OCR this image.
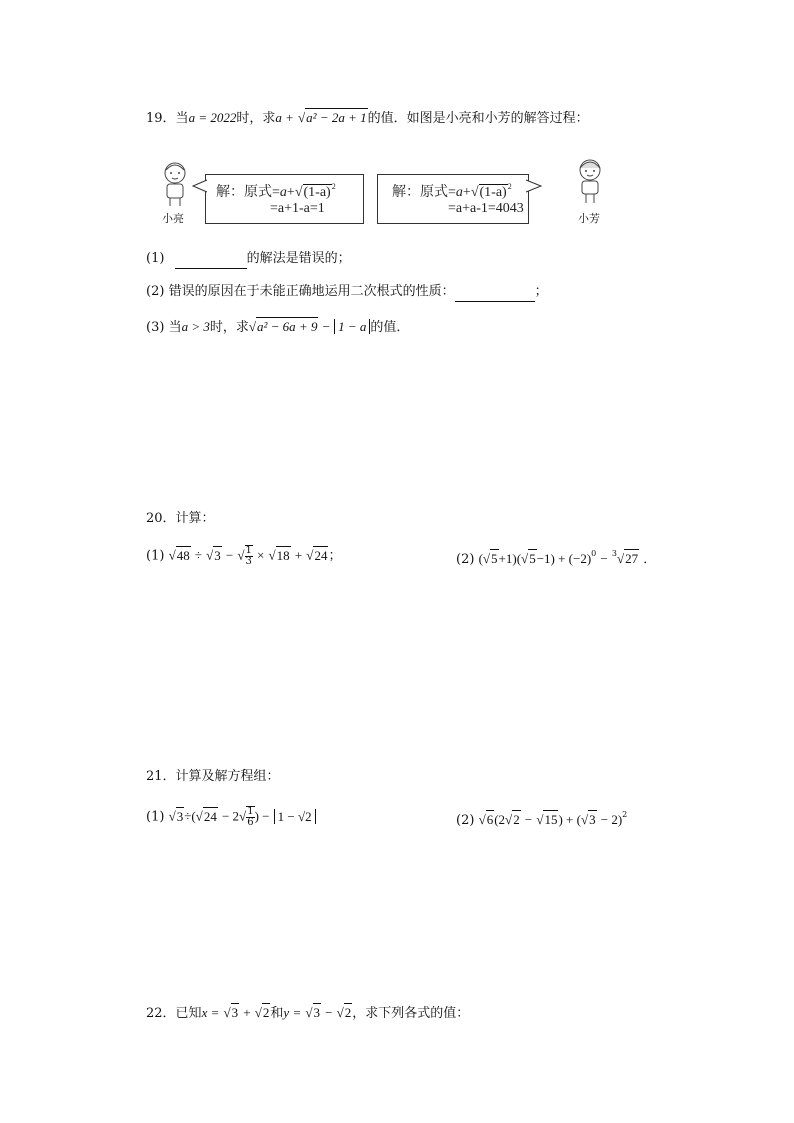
19．当a = 2022时，求a + √a² − 2a + 1的值．如图是小亮和小芳的解答过程：
小亮
解：原式$=a+√(1-a)^2$
=a+1-a=1
解：原式$=a+√(1-a)^2$
=a+a-1=4043
小芳
(1)	的解法是错误的；
(2) 错误的原因在于未能正确地运用二次根式的性质：	；
(3) 当a > 3时，求√a² − 6a + 9 − 1 − a 的值．
20．计算：
(1) √48 ÷ √3 − √ $\frac{1}{3} \times √18 + √24$；	(2) $(√5+1)(√5-1) + (-2)^0 - ^3√27$ ．
21．计算及解方程组：
(1) $√3\div(√24 - 2√ \frac{1}{6}$ ) − 1 − √2	(2) $√6(2√2 - √15) + (√3 - 2)^2$
22．已知x = √3 + √2和y = √3 − √2，求下列各式的值：
